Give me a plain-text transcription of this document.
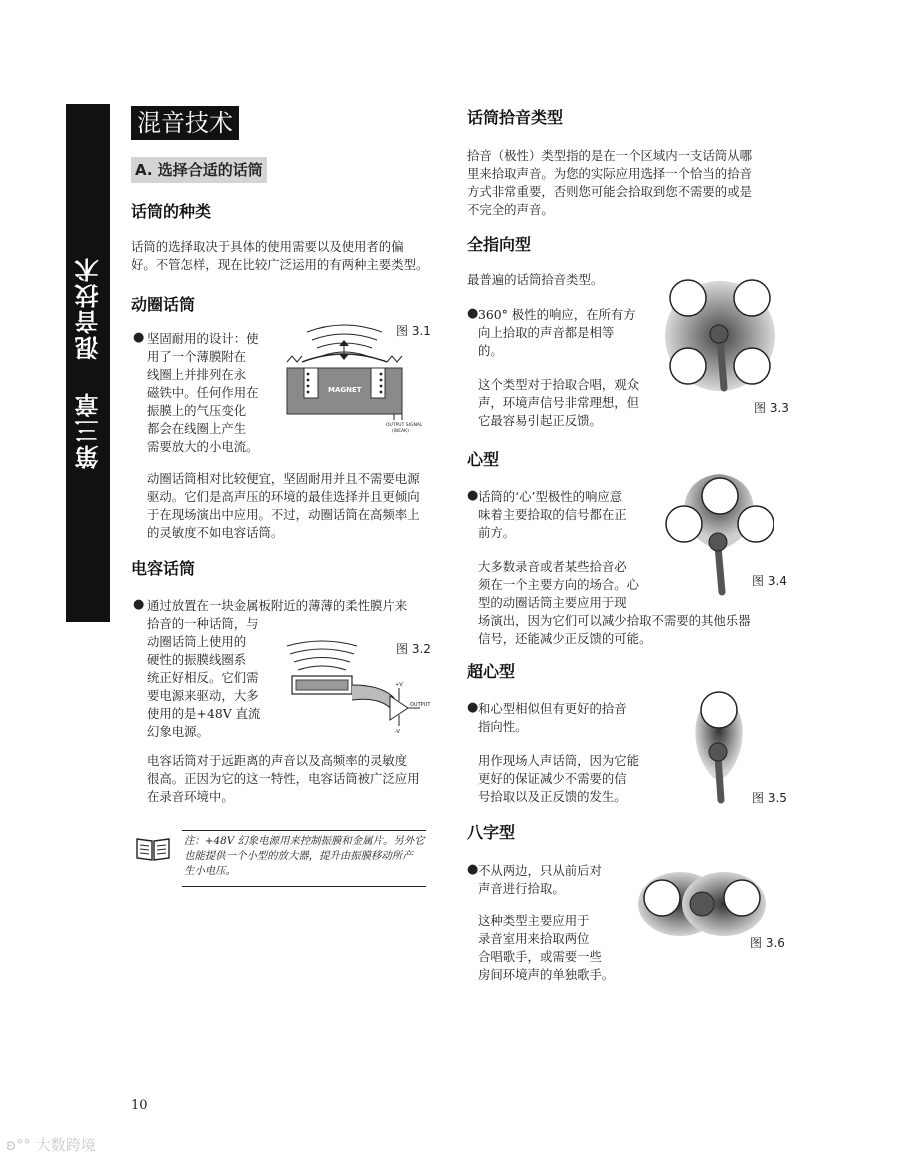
第三章   混音技术
混音技术
A. 选择合适的话筒
话筒的种类
话筒的选择取决于具体的使用需要以及使用者的偏
好。不管怎样，现在比较广泛运用的有两种主要类型。
动圈话筒
● 坚固耐用的设计：使
用了一个薄膜附在
线圈上并排列在永
磁铁中。任何作用在
振膜上的气压变化
都会在线圈上产生
需要放大的小电流。
图 3.1
MAGNET
OUTPUT SIGNAL
(WEAK)
动圈话筒相对比较便宜，坚固耐用并且不需要电源
驱动。它们是高声压的环境的最佳选择并且更倾向
于在现场演出中应用。不过，动圈话筒在高频率上
的灵敏度不如电容话筒。
电容话筒
● 通过放置在一块金属板附近的薄薄的柔性膜片来
拾音的一种话筒，与
动圈话筒上使用的
硬性的振膜线圈系
统正好相反。它们需
要电源来驱动，大多
使用的是+48V 直流
幻象电源。
图 3.2
+V
-V
OUTPUT
电容话筒对于远距离的声音以及高频率的灵敏度
很高。正因为它的这一特性，电容话筒被广泛应用
在录音环境中。
注：+48V 幻象电源用来控制振膜和金属片。另外它
也能提供一个小型的放大器，提升由振膜移动所产
生小电压。
话筒拾音类型
拾音（极性）类型指的是在一个区域内一支话筒从哪
里来拾取声音。为您的实际应用选择一个恰当的拾音
方式非常重要，否则您可能会拾取到您不需要的或是
不完全的声音。
全指向型
最普遍的话筒拾音类型。
● 360° 极性的响应，在所有方
向上拾取的声音都是相等
的。
这个类型对于拾取合唱，观众
声，环境声信号非常理想，但
它最容易引起正反馈。
图 3.3
心型
● 话筒的‘心’型极性的响应意
味着主要拾取的信号都在正
前方。
大多数录音或者某些拾音必
须在一个主要方向的场合。心
型的动圈话筒主要应用于现
场演出，因为它们可以减少拾取不需要的其他乐器
信号，还能减少正反馈的可能。
图 3.4
超心型
● 和心型相似但有更好的拾音
指向性。
用作现场人声话筒，因为它能
更好的保证减少不需要的信
号拾取以及正反馈的发生。	图 3.5
八字型
● 不从两边，只从前后对
声音进行拾取。
这种类型主要应用于
录音室用来拾取两位
合唱歌手，或需要一些
房间环境声的单独歌手。
图 3.6
10
ʚ°° 大数跨境
